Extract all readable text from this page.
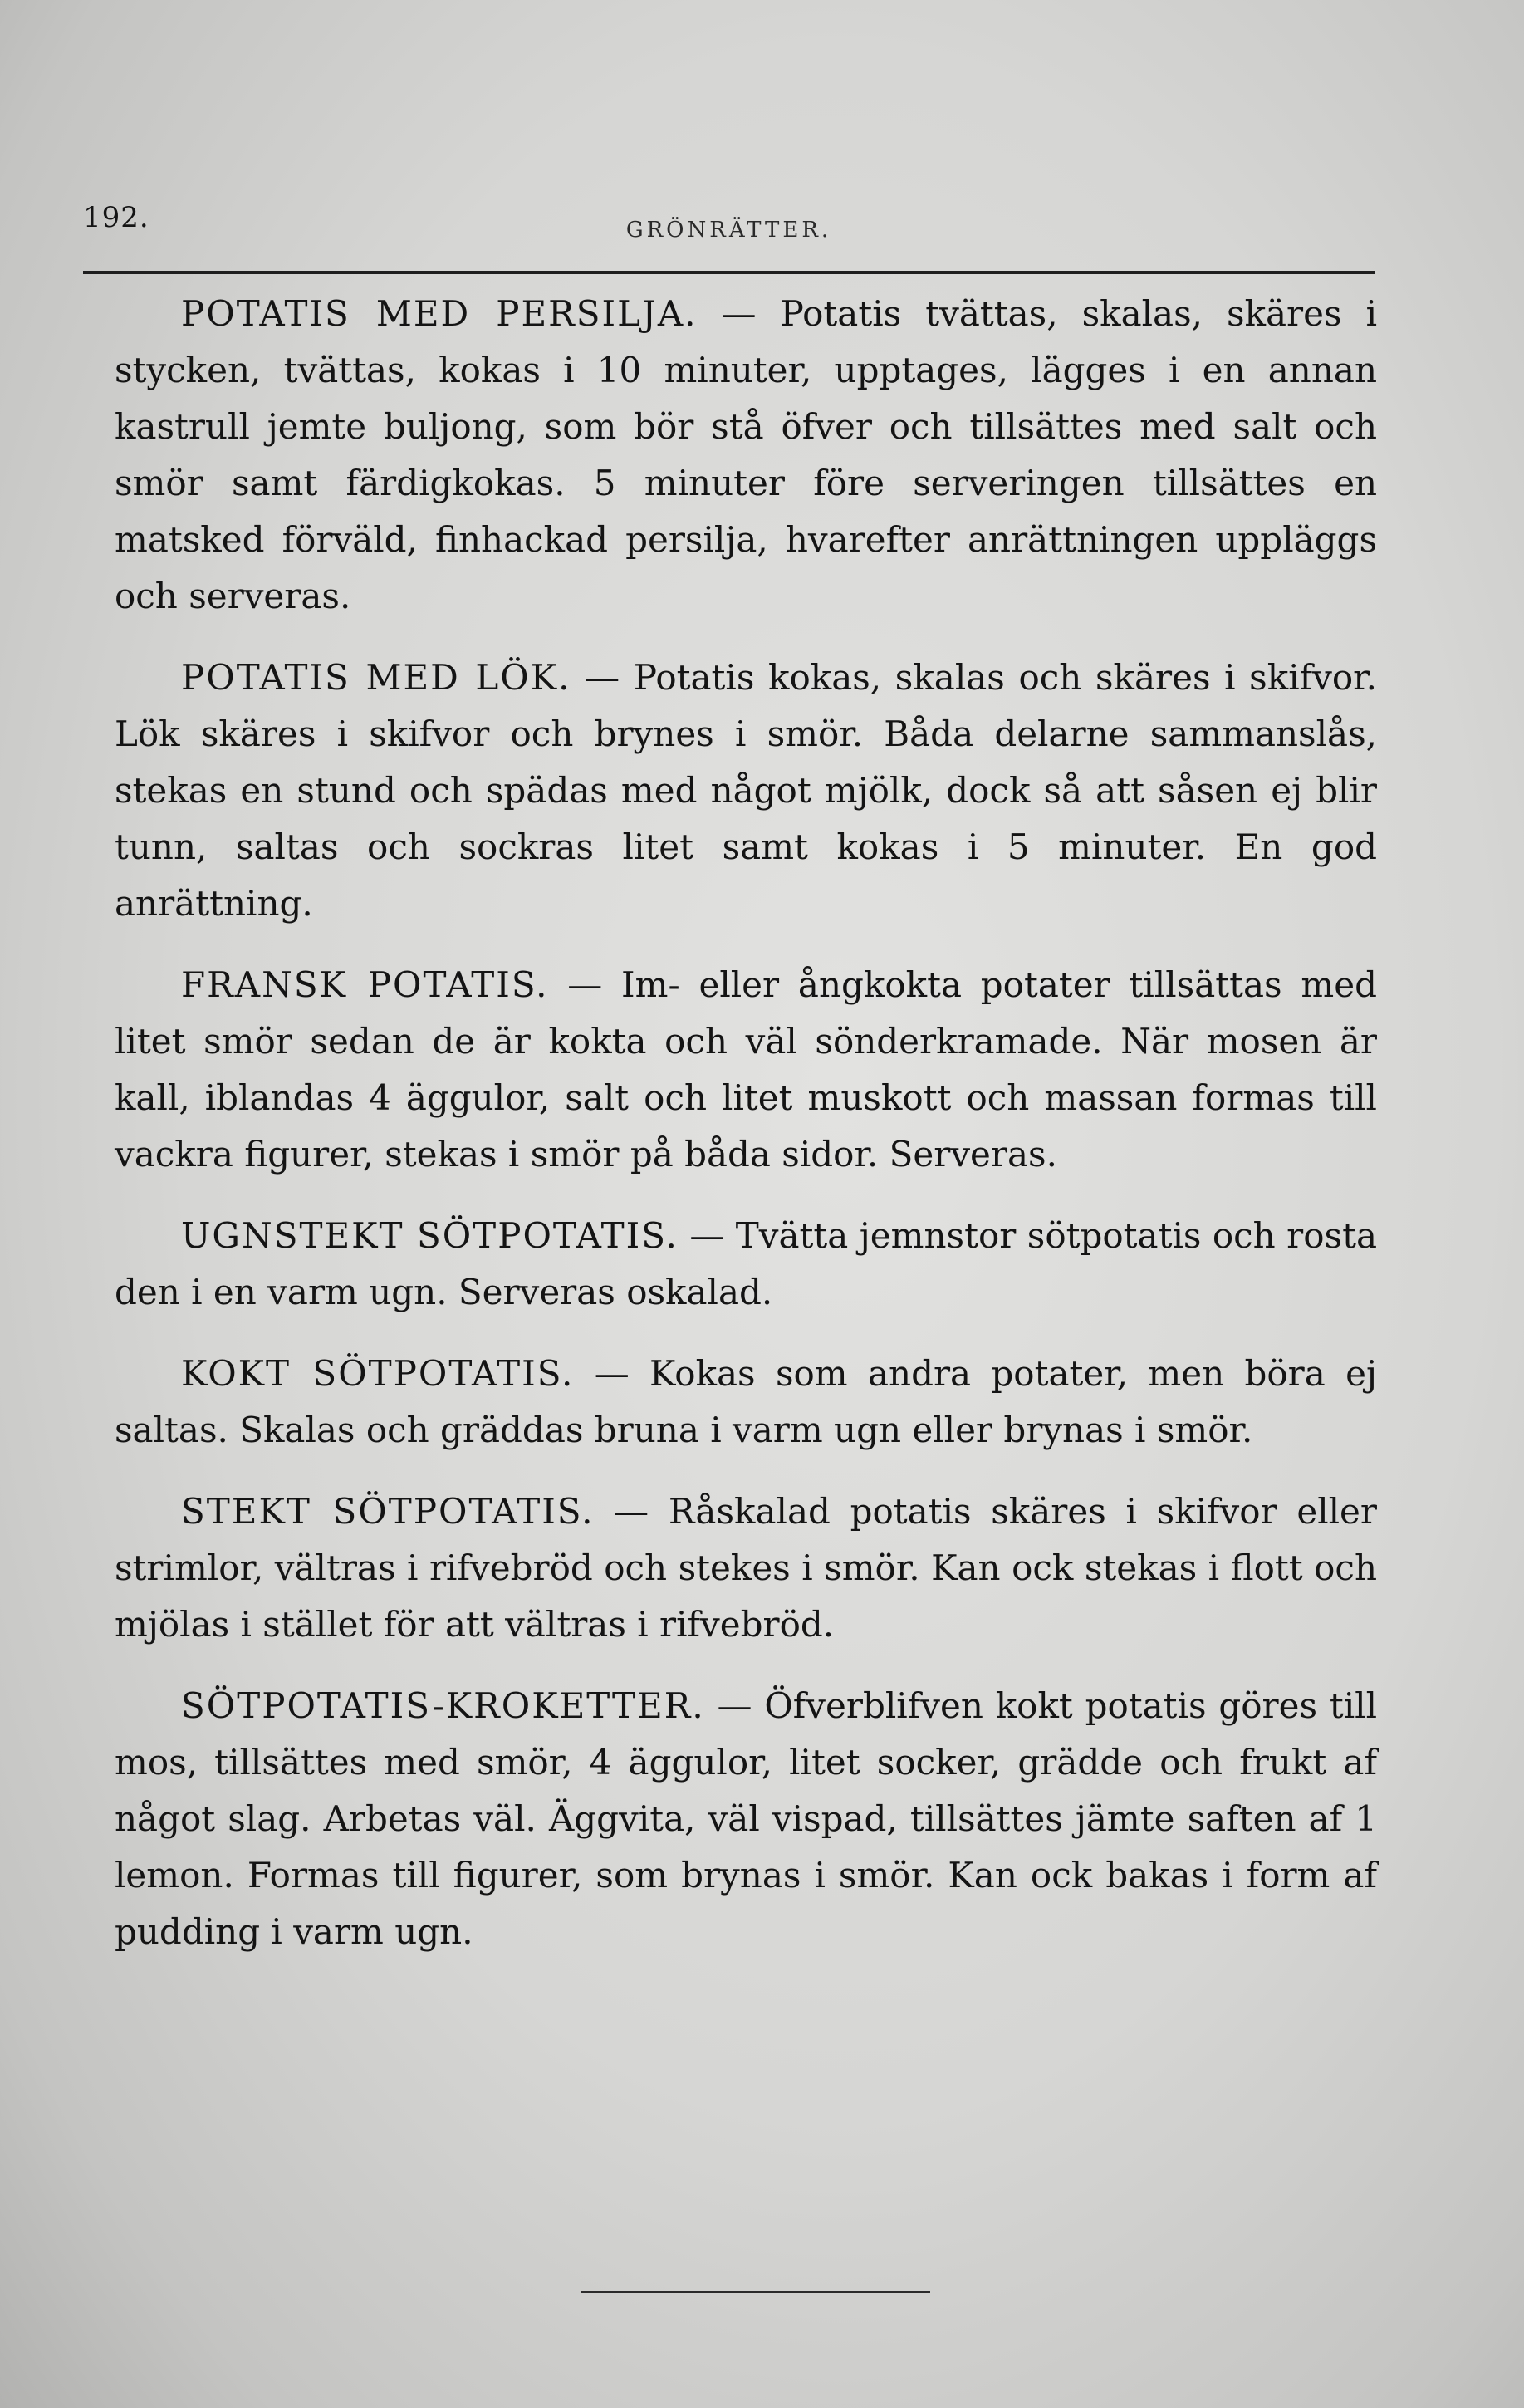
192.	GRÖNRÄTTER.

POTATIS MED PERSILJA. — Potatis tvättas, skalas, skäres i stycken, tvättas, kokas i 10 minuter, upptages, lägges i en annan kastrull jemte buljong, som bör stå öfver och tillsättes med salt och smör samt färdigkokas. 5 minuter före serveringen tillsättes en matsked förväld, finhackad persilja, hvarefter anrättningen uppläggs och serveras.

POTATIS MED LÖK. — Potatis kokas, skalas och skäres i skifvor. Lök skäres i skifvor och brynes i smör. Båda delarne sammanslås, stekas en stund och spädas med något mjölk, dock så att såsen ej blir tunn, saltas och sockras litet samt kokas i 5 minuter. En god anrättning.

FRANSK POTATIS. — Im- eller ångkokta potater tillsättas med litet smör sedan de är kokta och väl sönderkramade. När mosen är kall, iblandas 4 äggulor, salt och litet muskott och massan formas till vackra figurer, stekas i smör på båda sidor. Serveras.

UGNSTEKT SÖTPOTATIS. — Tvätta jemnstor sötpotatis och rosta den i en varm ugn. Serveras oskalad.

KOKT SÖTPOTATIS. — Kokas som andra potater, men böra ej saltas. Skalas och gräddas bruna i varm ugn eller brynas i smör.

STEKT SÖTPOTATIS. — Råskalad potatis skäres i skifvor eller strimlor, vältras i rifvebröd och stekes i smör. Kan ock stekas i flott och mjölas i stället för att vältras i rifvebröd.

SÖTPOTATIS-KROKETTER. — Öfverblifven kokt potatis göres till mos, tillsättes med smör, 4 äggulor, litet socker, grädde och frukt af något slag. Arbetas väl. Äggvita, väl vispad, tillsättes jämte saften af 1 lemon. Formas till figurer, som brynas i smör. Kan ock bakas i form af pudding i varm ugn.
